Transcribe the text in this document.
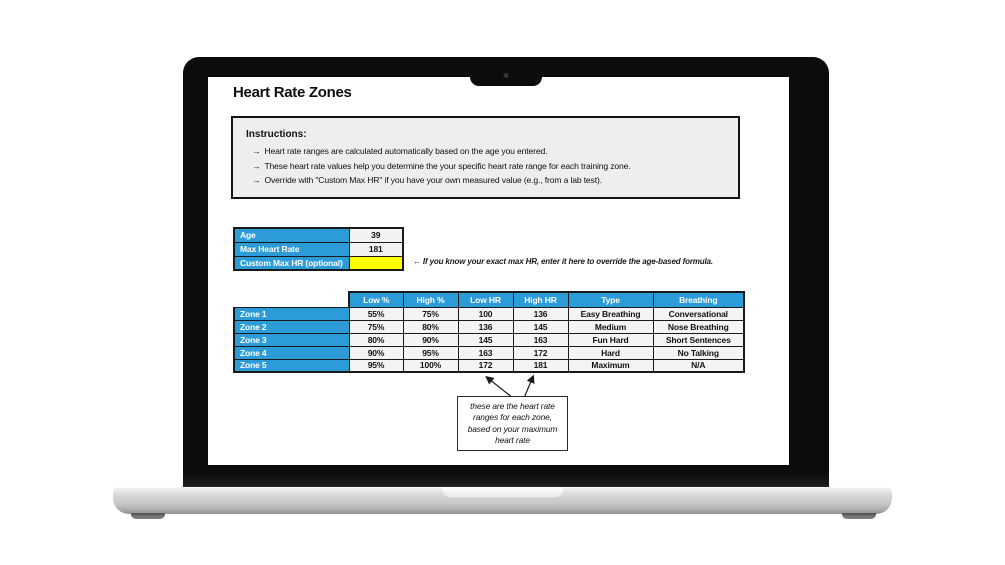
Heart Rate Zones
Instructions:
→ Heart rate ranges are calculated automatically based on the age you entered.
→ These heart rate values help you determine the your specific heart rate range for each training zone.
→ Override with "Custom Max HR" if you have your own measured value (e.g., from a lab test).
Age	39
Max Heart Rate	181
Custom Max HR (optional)		← If you know your exact max HR, enter it here to override the age-based formula.
	Low %	High %	Low HR	High HR	Type	Breathing
Zone 1	55%	75%	100	136	Easy Breathing	Conversational
Zone 2	75%	80%	136	145	Medium	Nose Breathing
Zone 3	80%	90%	145	163	Fun Hard	Short Sentences
Zone 4	90%	95%	163	172	Hard	No Talking
Zone 5	95%	100%	172	181	Maximum	N/A
these are the heart rate ranges for each zone, based on your maximum heart rate
